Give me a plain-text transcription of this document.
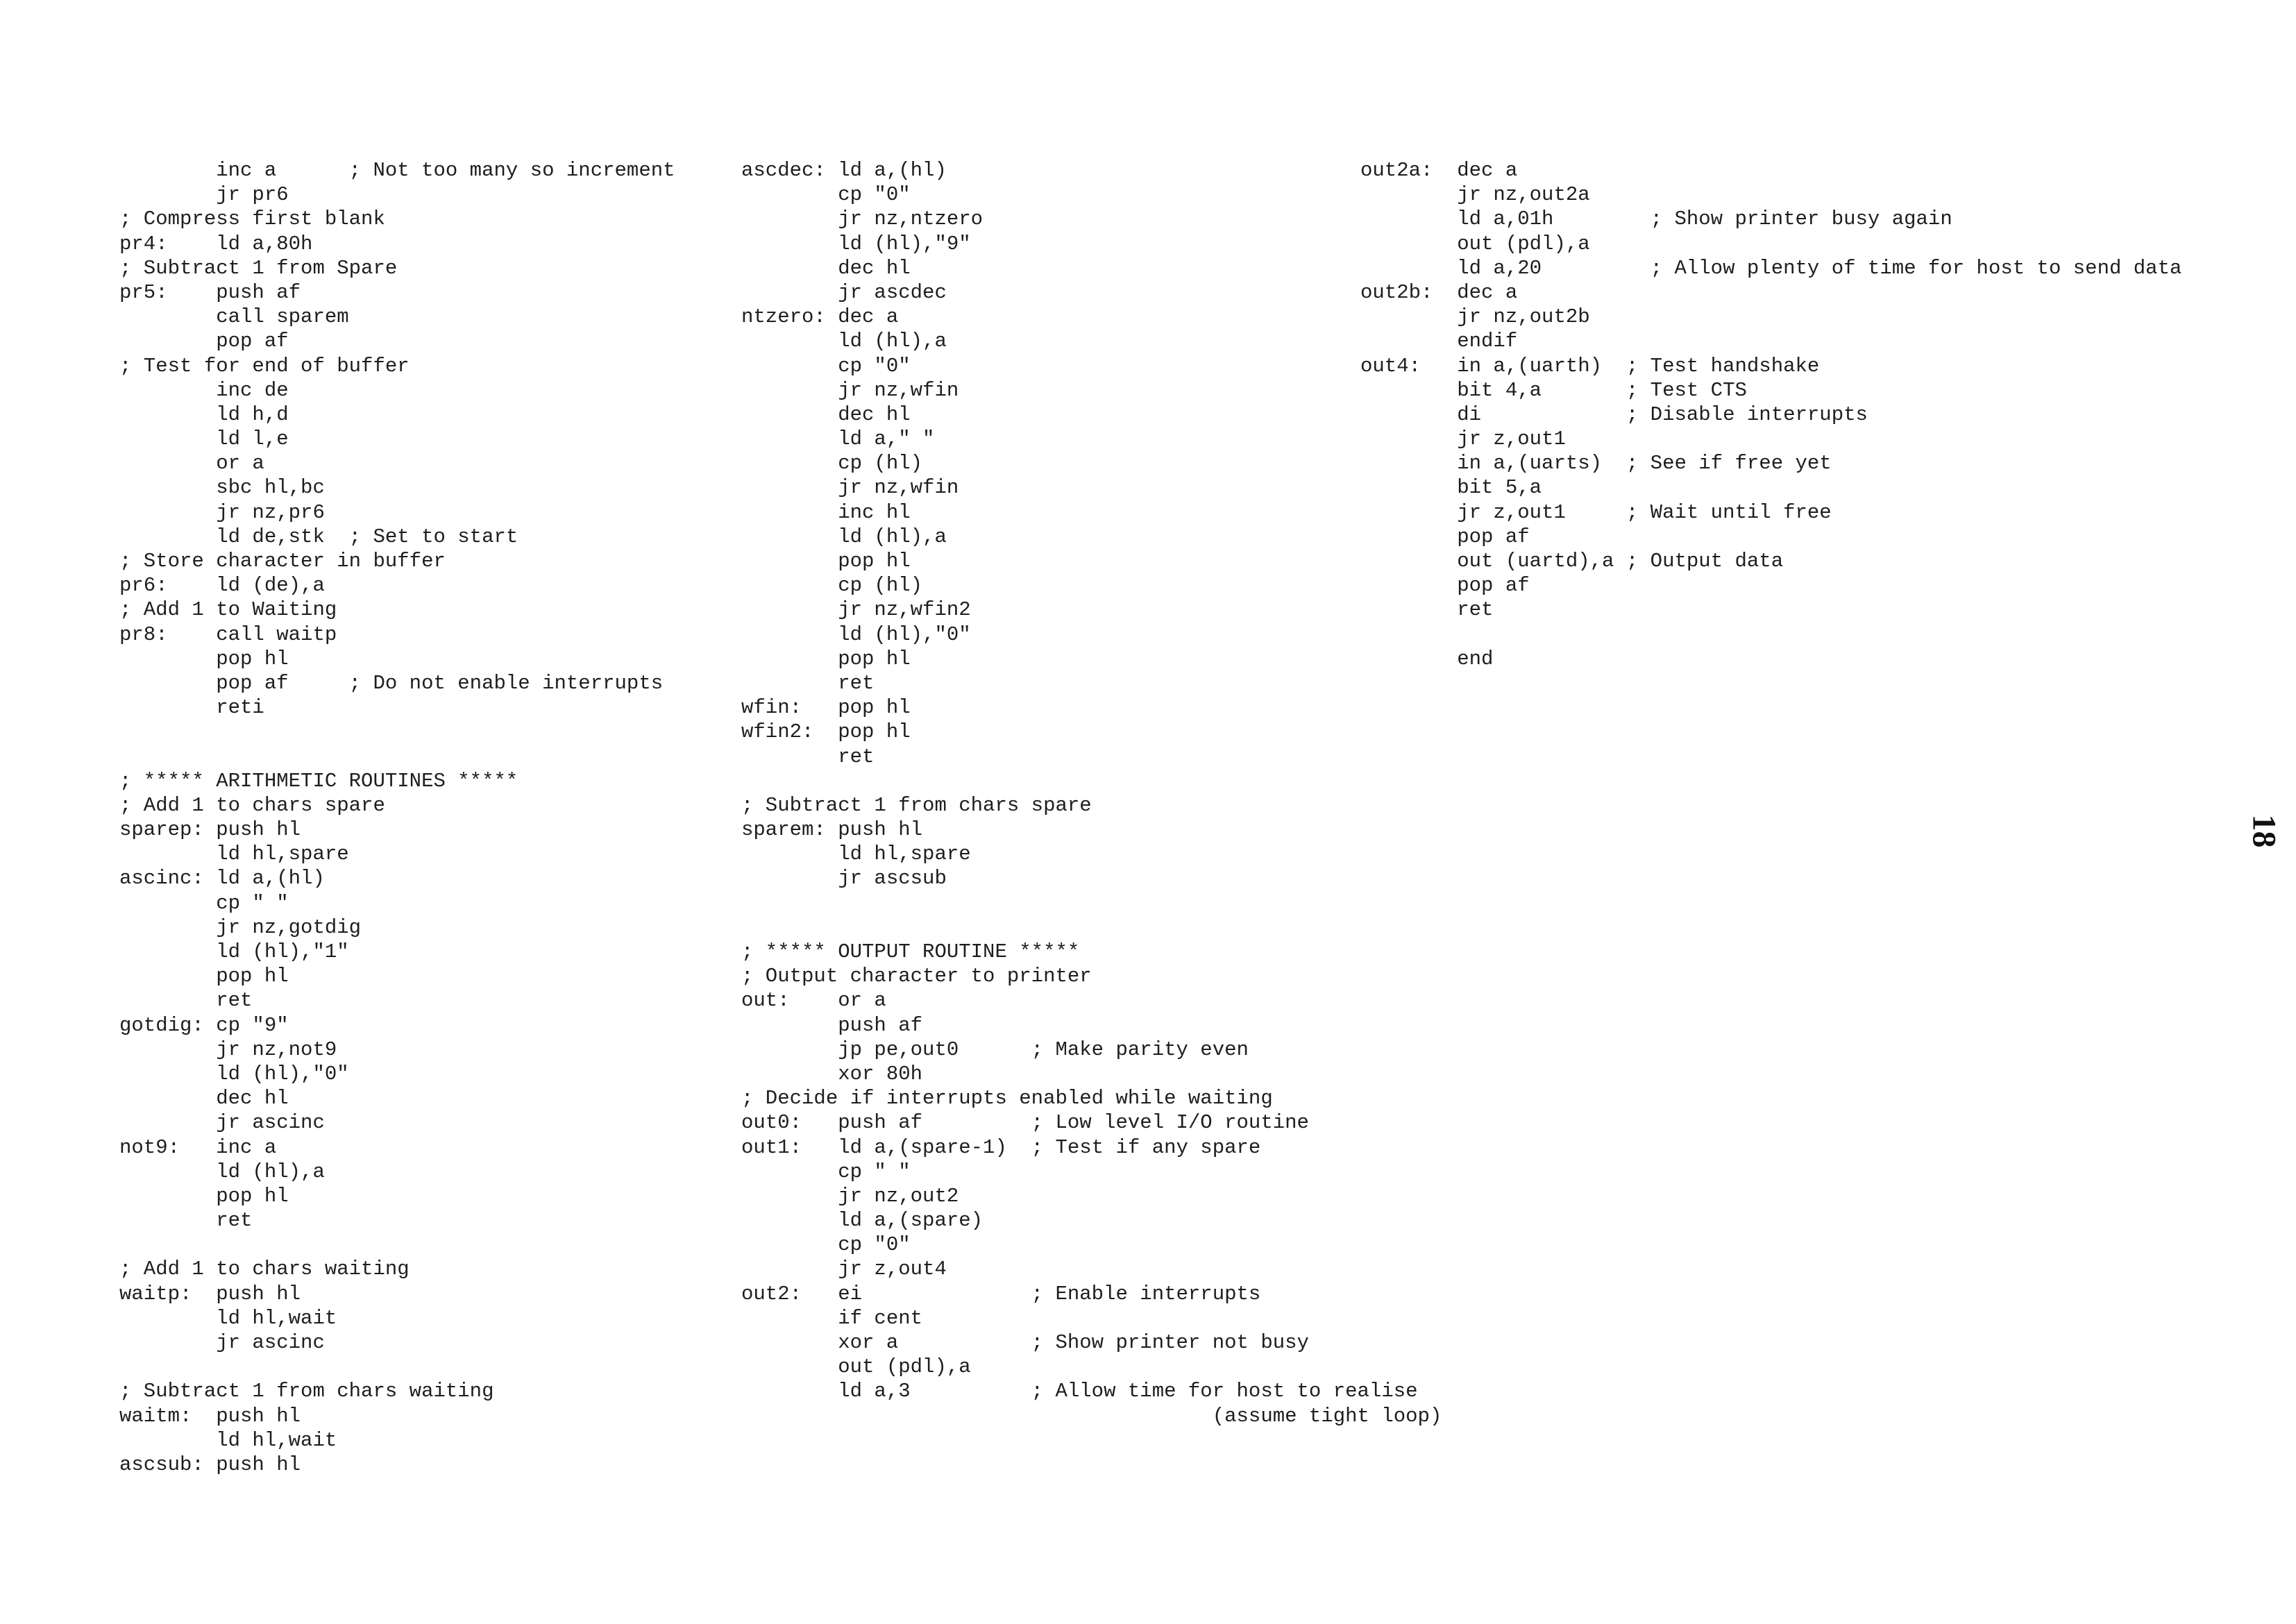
inc a      ; Not too many so increment
jr pr6
; Compress first blank
pr4:    ld a,80h
; Subtract 1 from Spare
pr5:    push af
call sparem
pop af
; Test for end of buffer
inc de
ld h,d
ld l,e
or a
sbc hl,bc
jr nz,pr6
ld de,stk  ; Set to start
; Store character in buffer
pr6:    ld (de),a
; Add 1 to Waiting
pr8:    call waitp
pop hl
pop af     ; Do not enable interrupts
reti
; ***** ARITHMETIC ROUTINES *****
; Add 1 to chars spare
sparep: push hl
ld hl,spare
ascinc: ld a,(hl)
cp " "
jr nz,gotdig
ld (hl),"1"
pop hl
ret
gotdig: cp "9"
jr nz,not9
ld (hl),"0"
dec hl
jr ascinc
not9:   inc a
ld (hl),a
pop hl
ret
; Add 1 to chars waiting
waitp:  push hl
ld hl,wait
jr ascinc
; Subtract 1 from chars waiting
waitm:  push hl
ld hl,wait
ascsub: push hl
ascdec: ld a,(hl)
cp "0"
jr nz,ntzero
ld (hl),"9"
dec hl
jr ascdec
ntzero: dec a
ld (hl),a
cp "0"
jr nz,wfin
dec hl
ld a," "
cp (hl)
jr nz,wfin
inc hl
ld (hl),a
pop hl
cp (hl)
jr nz,wfin2
ld (hl),"0"
pop hl
ret
wfin:   pop hl
wfin2:  pop hl
ret
; Subtract 1 from chars spare
sparem: push hl
ld hl,spare
jr ascsub
; ***** OUTPUT ROUTINE *****
; Output character to printer
out:    or a
push af
jp pe,out0      ; Make parity even
xor 80h
; Decide if interrupts enabled while waiting
out0:   push af         ; Low level I/O routine
out1:   ld a,(spare-1)  ; Test if any spare
cp " "
jr nz,out2
ld a,(spare)
cp "0"
jr z,out4
out2:   ei              ; Enable interrupts
if cent
xor a           ; Show printer not busy
out (pdl),a
ld a,3          ; Allow time for host to realise
(assume tight loop)
out2a:  dec a
jr nz,out2a
ld a,01h        ; Show printer busy again
out (pdl),a
ld a,20         ; Allow plenty of time for host to send data
out2b:  dec a
jr nz,out2b
endif
out4:   in a,(uarth)  ; Test handshake
bit 4,a       ; Test CTS
di            ; Disable interrupts
jr z,out1
in a,(uarts)  ; See if free yet
bit 5,a
jr z,out1     ; Wait until free
pop af
out (uartd),a ; Output data
pop af
ret
end
18
